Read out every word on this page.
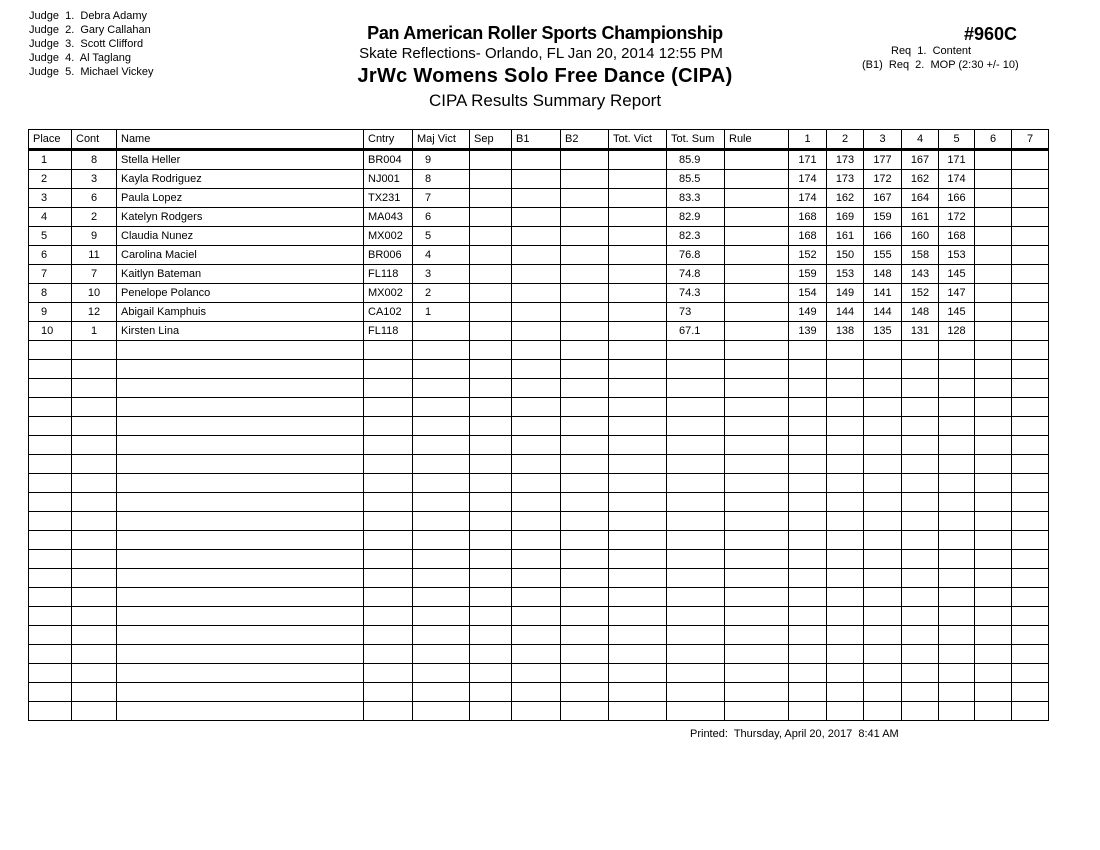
Judge  1.  Debra Adamy
Judge  2.  Gary Callahan
Judge  3.  Scott Clifford
Judge  4.  Al Taglang
Judge  5.  Michael Vickey
Pan American Roller Sports Championship
Skate Reflections- Orlando, FL Jan 20, 2014 12:55 PM
JrWc Womens Solo Free Dance (CIPA)
CIPA Results Summary Report
#960C
Req  1.  Content
(B1)  Req  2.  MOP (2:30 +/- 10)
Place	Cont	Name	Cntry	Maj Vict	Sep	B1	B2	Tot. Vict	Tot. Sum	Rule	1	2	3	4	5	6	7
1	8	Stella Heller	BR004	9					85.9		171	173	177	167	171		
2	3	Kayla Rodriguez	NJ001	8					85.5		174	173	172	162	174		
3	6	Paula Lopez	TX231	7					83.3		174	162	167	164	166		
4	2	Katelyn Rodgers	MA043	6					82.9		168	169	159	161	172		
5	9	Claudia Nunez	MX002	5					82.3		168	161	166	160	168		
6	11	Carolina Maciel	BR006	4					76.8		152	150	155	158	153		
7	7	Kaitlyn Bateman	FL118	3					74.8		159	153	148	143	145		
8	10	Penelope Polanco	MX002	2					74.3		154	149	141	152	147		
9	12	Abigail Kamphuis	CA102	1					73		149	144	144	148	145		
10	1	Kirsten Lina	FL118						67.1		139	138	135	131	128		

Printed:  Thursday, April 20, 2017  8:41 AM
